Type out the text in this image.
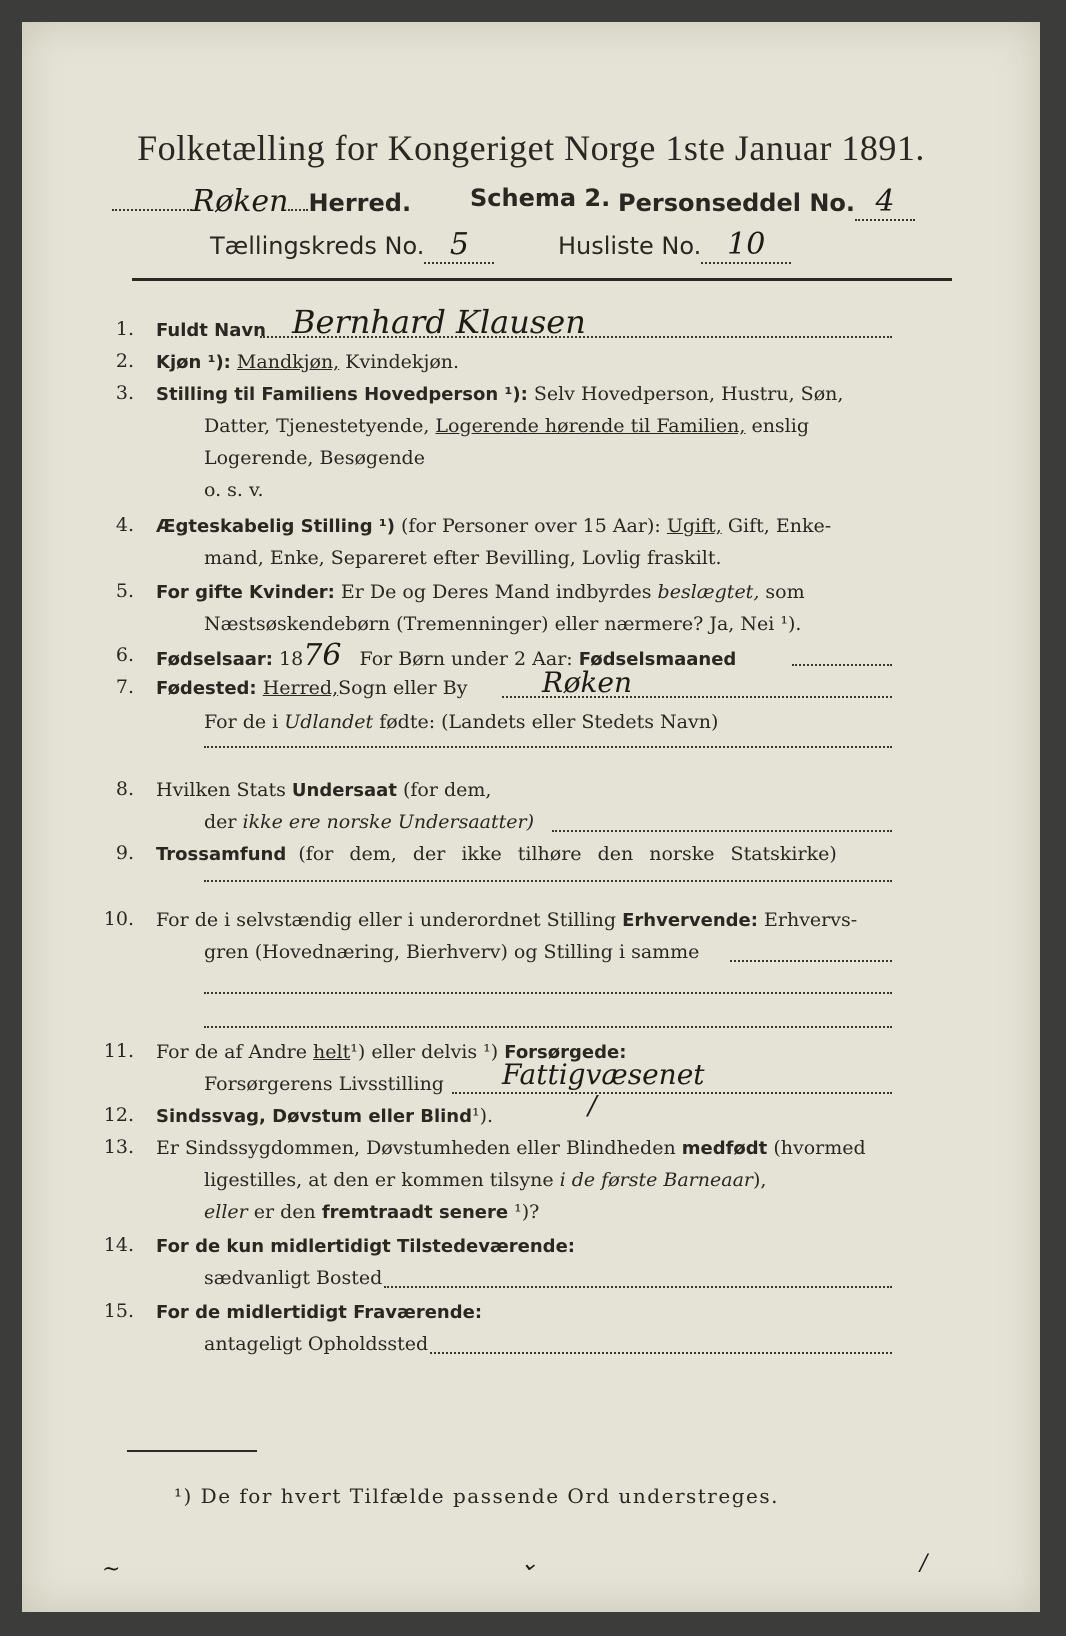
Folketælling for Kongeriget Norge 1ste Januar 1891.
Røken Herred. Schema 2. Personseddel No. 4
Tællingskreds No. 5	Husliste No. 10
1. Fuldt Navn Bernhard Klausen
2. Kjøn ¹): Mandkjøn, Kvindekjøn.
3. Stilling til Familiens Hovedperson ¹): Selv Hovedperson, Hustru, Søn,
Datter, Tjenestetyende, Logerende hørende til Familien, enslig
Logerende, Besøgende
o. s. v.
4. Ægteskabelig Stilling ¹) (for Personer over 15 Aar): Ugift, Gift, Enke-
mand, Enke, Separeret efter Bevilling, Lovlig fraskilt.
5. For gifte Kvinder: Er De og Deres Mand indbyrdes beslægtet, som
Næstsøskendebørn (Tremenninger) eller nærmere? Ja, Nei ¹).
6. Fødselsaar: 1876 For Børn under 2 Aar: Fødselsmaaned
7. Fødested: Herred,Sogn eller By	Røken
For de i Udlandet fødte: (Landets eller Stedets Navn)
8. Hvilken Stats Undersaat (for dem,
der ikke ere norske Undersaatter)
9. Trossamfund (for dem, der ikke tilhøre den norske Statskirke)
10. For de i selvstændig eller i underordnet Stilling Erhvervende: Erhvervs-
gren (Hovednæring, Bierhverv) og Stilling i samme
11. For de af Andre helt¹) eller delvis ¹) Forsørgede:
Forsørgerens Livsstilling Fattigvæsenet
12. Sindssvag, Døvstum eller Blind¹).	/
13. Er Sindssygdommen, Døvstumheden eller Blindheden medfødt (hvormed
ligestilles, at den er kommen tilsyne i de første Barneaar),
eller er den fremtraadt senere ¹)?
14. For de kun midlertidigt Tilstedeværende:
sædvanligt Bosted
15. For de midlertidigt Fraværende:
antageligt Opholdssted
¹) De for hvert Tilfælde passende Ord understreges.
~	⌄	/
